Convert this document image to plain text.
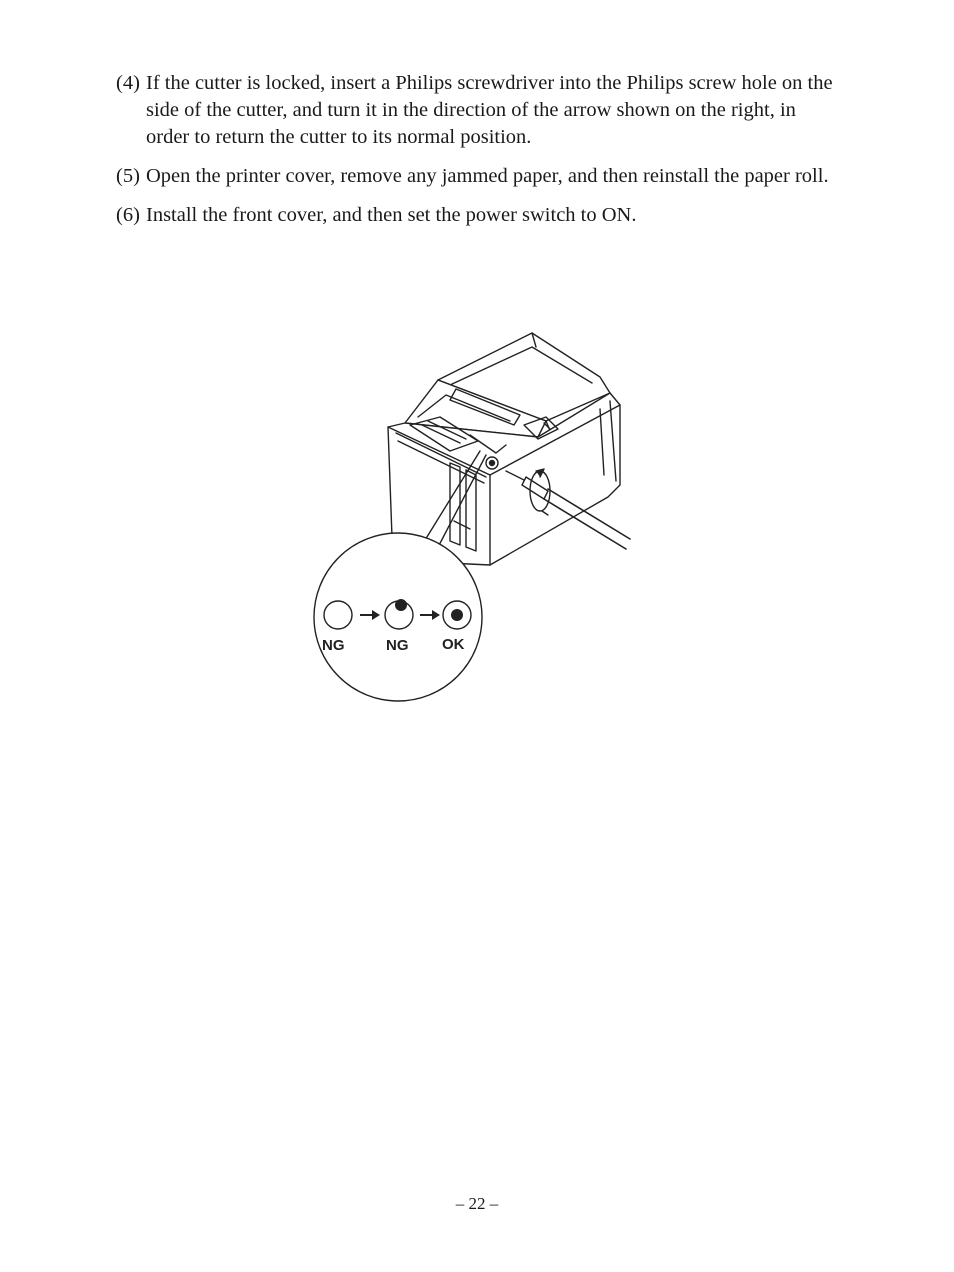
(4) If the cutter is locked, insert a Philips screwdriver into the Philips screw hole on the side of the cutter, and turn it in the direction of the arrow shown on the right, in order to return the cutter to its normal position.
(5) Open the printer cover, remove any jammed paper, and then reinstall the paper roll.
(6) Install the front cover, and then set the power switch to ON.
NG	NG OK
– 22 –
